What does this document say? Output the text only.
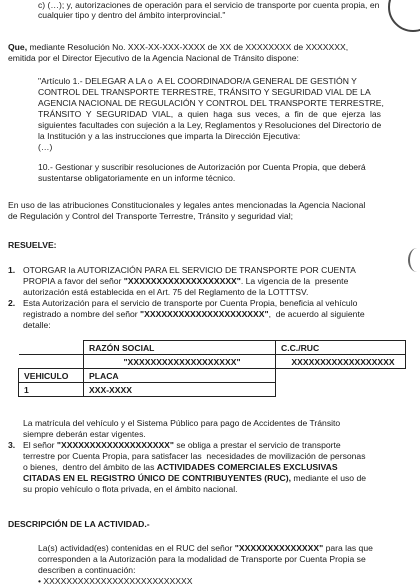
c) (…); y, autorizaciones de operación para el servicio de transporte por cuenta propia, en
cualquier tipo y dentro del ámbito interprovincial."
Que, mediante Resolución No. XXX-XX-XXX-XXXX de XX de XXXXXXXX de XXXXXXX,
emitida por el Director Ejecutivo de la Agencia Nacional de Tránsito dispone:
"Artículo 1.- DELEGAR A LA o  A EL COORDINADOR/A GENERAL DE GESTIÓN Y
CONTROL DEL TRANSPORTE TERRESTRE, TRÁNSITO Y SEGURIDAD VIAL DE LA
AGENCIA NACIONAL DE REGULACIÓN Y CONTROL DEL TRANSPORTE TERRESTRE,
TRÁNSITO  Y  SEGURIDAD  VIAL,  a  quien  haga  sus  veces,  a  fin  de  que  ejerza  las
siguientes facultades con sujeción a la Ley, Reglamentos y Resoluciones del Directorio de
la Institución y a las instrucciones que imparta la Dirección Ejecutiva:
(…)
10.- Gestionar y suscribir resoluciones de Autorización por Cuenta Propia, que deberá
sustentarse obligatoriamente en un informe técnico.
En uso de las atribuciones Constitucionales y legales antes mencionadas la Agencia Nacional
de Regulación y Control del Transporte Terrestre, Tránsito y seguridad vial;
RESUELVE:
1. OTORGAR la AUTORIZACIÓN PARA EL SERVICIO DE TRANSPORTE POR CUENTA
PROPIA a favor del señor "XXXXXXXXXXXXXXXXXXX". La vigencia de la  presente
autorización está establecida en el Art. 75 del Reglamento de la LOTTTSV.
2. Esta Autorización para el servicio de transporte por Cuenta Propia, beneficia al vehículo
registrado a nombre del señor "XXXXXXXXXXXXXXXXXXXXX",  de acuerdo al siguiente
detalle:
	RAZÓN SOCIAL	C.C./RUC
	"XXXXXXXXXXXXXXXXXXX"	XXXXXXXXXXXXXXXXXX
VEHICULO	PLACA	
1	XXX-XXXX	
La matrícula del vehículo y el Sistema Público para pago de Accidentes de Tránsito
siempre deberán estar vigentes.
3. El señor "XXXXXXXXXXXXXXXXXXX" se obliga a prestar el servicio de transporte
terrestre por Cuenta Propia, para satisfacer las  necesidades de movilización de personas
o bienes,  dentro del ámbito de las ACTIVIDADES COMERCIALES EXCLUSIVAS
CITADAS EN EL REGISTRO ÚNICO DE CONTRIBUYENTES (RUC), mediante el uso de
su propio vehículo o flota privada, en el ámbito nacional.
DESCRIPCIÓN DE LA ACTIVIDAD.-
La(s) actividad(es) contenidas en el RUC del señor "XXXXXXXXXXXXXX" para las que
corresponden a la Autorización para la modalidad de Transporte por Cuenta Propia se
describen a continuación:
• XXXXXXXXXXXXXXXXXXXXXXXXXX
